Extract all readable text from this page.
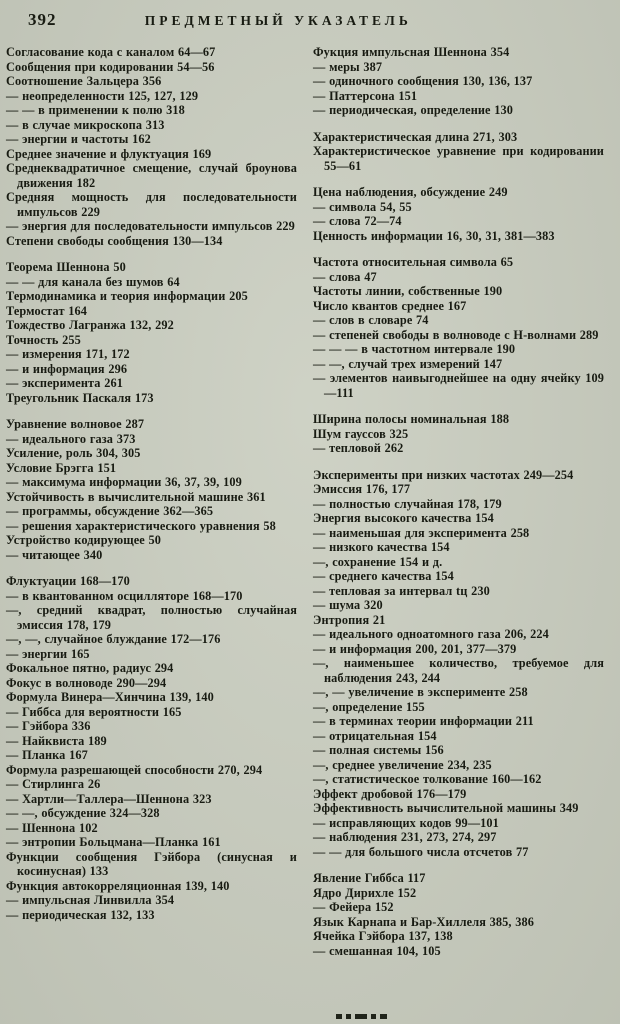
392	ПРЕДМЕТНЫЙ УКАЗАТЕЛЬ

Согласование кода с каналом 64—67

Сообщения при кодировании 54—56

Соотношение Зальцера 356

— неопределенности 125, 127, 129

— — в применении к полю 318

— в случае микроскопа 313

— энергии и частоты 162

Среднее значение и флуктуация 169

Среднеквадратичное смещение, случай броунова движения 182

Средняя мощность для последовательности импульсов 229

— энергия для последовательности импульсов 229

Степени свободы сообщения 130—134

Теорема Шеннона 50

— — для канала без шумов 64

Термодинамика и теория информации 205

Термостат 164

Тождество Лагранжа 132, 292

Точность 255

— измерения 171, 172

— и информация 296

— эксперимента 261

Треугольник Паскаля 173

Уравнение волновое 287

— идеального газа 373

Усиление, роль 304, 305

Условие Брэгга 151

— максимума информации 36, 37, 39, 109

Устойчивость в вычислительной машине 361

— программы, обсуждение 362—365

— решения характеристического уравнения 58

Устройство кодирующее 50

— читающее 340

Флуктуации 168—170

— в квантованном осцилляторе 168—170

—, средний квадрат, полностью случайная эмиссия 178, 179

—, —, случайное блуждание 172—176

— энергии 165

Фокальное пятно, радиус 294

Фокус в волноводе 290—294

Формула Винера—Хинчина 139, 140

— Гиббса для вероятности 165

— Гэйбора 336

— Найквиста 189

— Планка 167

Формула разрешающей способности 270, 294

— Стирлинга 26

— Хартли—Таллера—Шеннона 323

— —, обсуждение 324—328

— Шеннона 102

— энтропии Больцмана—Планка 161

Функции сообщения Гэйбора (синусная и косинусная) 133

Функция автокорреляционная 139, 140

— импульсная Линвилла 354

— периодическая 132, 133

Фукция импульсная Шеннона 354

— меры 387

— одиночного сообщения 130, 136, 137

— Паттерсона 151

— периодическая, определение 130

Характеристическая длина 271, 303

Характеристическое уравнение при кодировании 55—61

Цена наблюдения, обсуждение 249

— символа 54, 55

— слова 72—74

Ценность информации 16, 30, 31, 381—383

Частота относительная символа 65

— слова 47

Частоты линии, собственные 190

Число квантов среднее 167

— слов в словаре 74

— степеней свободы в волноводе с Н-волнами 289

— — — в частотном интервале 190

— —, случай трех измерений 147

— элементов наивыгоднейшее на одну ячейку 109—111

Ширина полосы номинальная 188

Шум гауссов 325

— тепловой 262

Эксперименты при низких частотах 249—254

Эмиссия 176, 177

— полностью случайная 178, 179

Энергия высокого качества 154

— наименьшая для эксперимента 258

— низкого качества 154

—, сохранение 154 и д.

— среднего качества 154

— тепловая за интервал tц 230

— шума 320

Энтропия 21

— идеального одноатомного газа 206, 224

— и информация 200, 201, 377—379

—, наименьшее количество, требуемое для наблюдения 243, 244

—, — увеличение в эксперименте 258

—, определение 155

— в терминах теории информации 211

— отрицательная 154

— полная системы 156

—, среднее увеличение 234, 235

—, статистическое толкование 160—162

Эффект дробовой 176—179

Эффективность вычислительной машины 349

— исправляющих кодов 99—101

— наблюдения 231, 273, 274, 297

— — для большого числа отсчетов 77

Явление Гиббса 117

Ядро Дирихле 152

— Фейера 152

Язык Карнапа и Бар-Хиллеля 385, 386

Ячейка Гэйбора 137, 138

— смешанная 104, 105
